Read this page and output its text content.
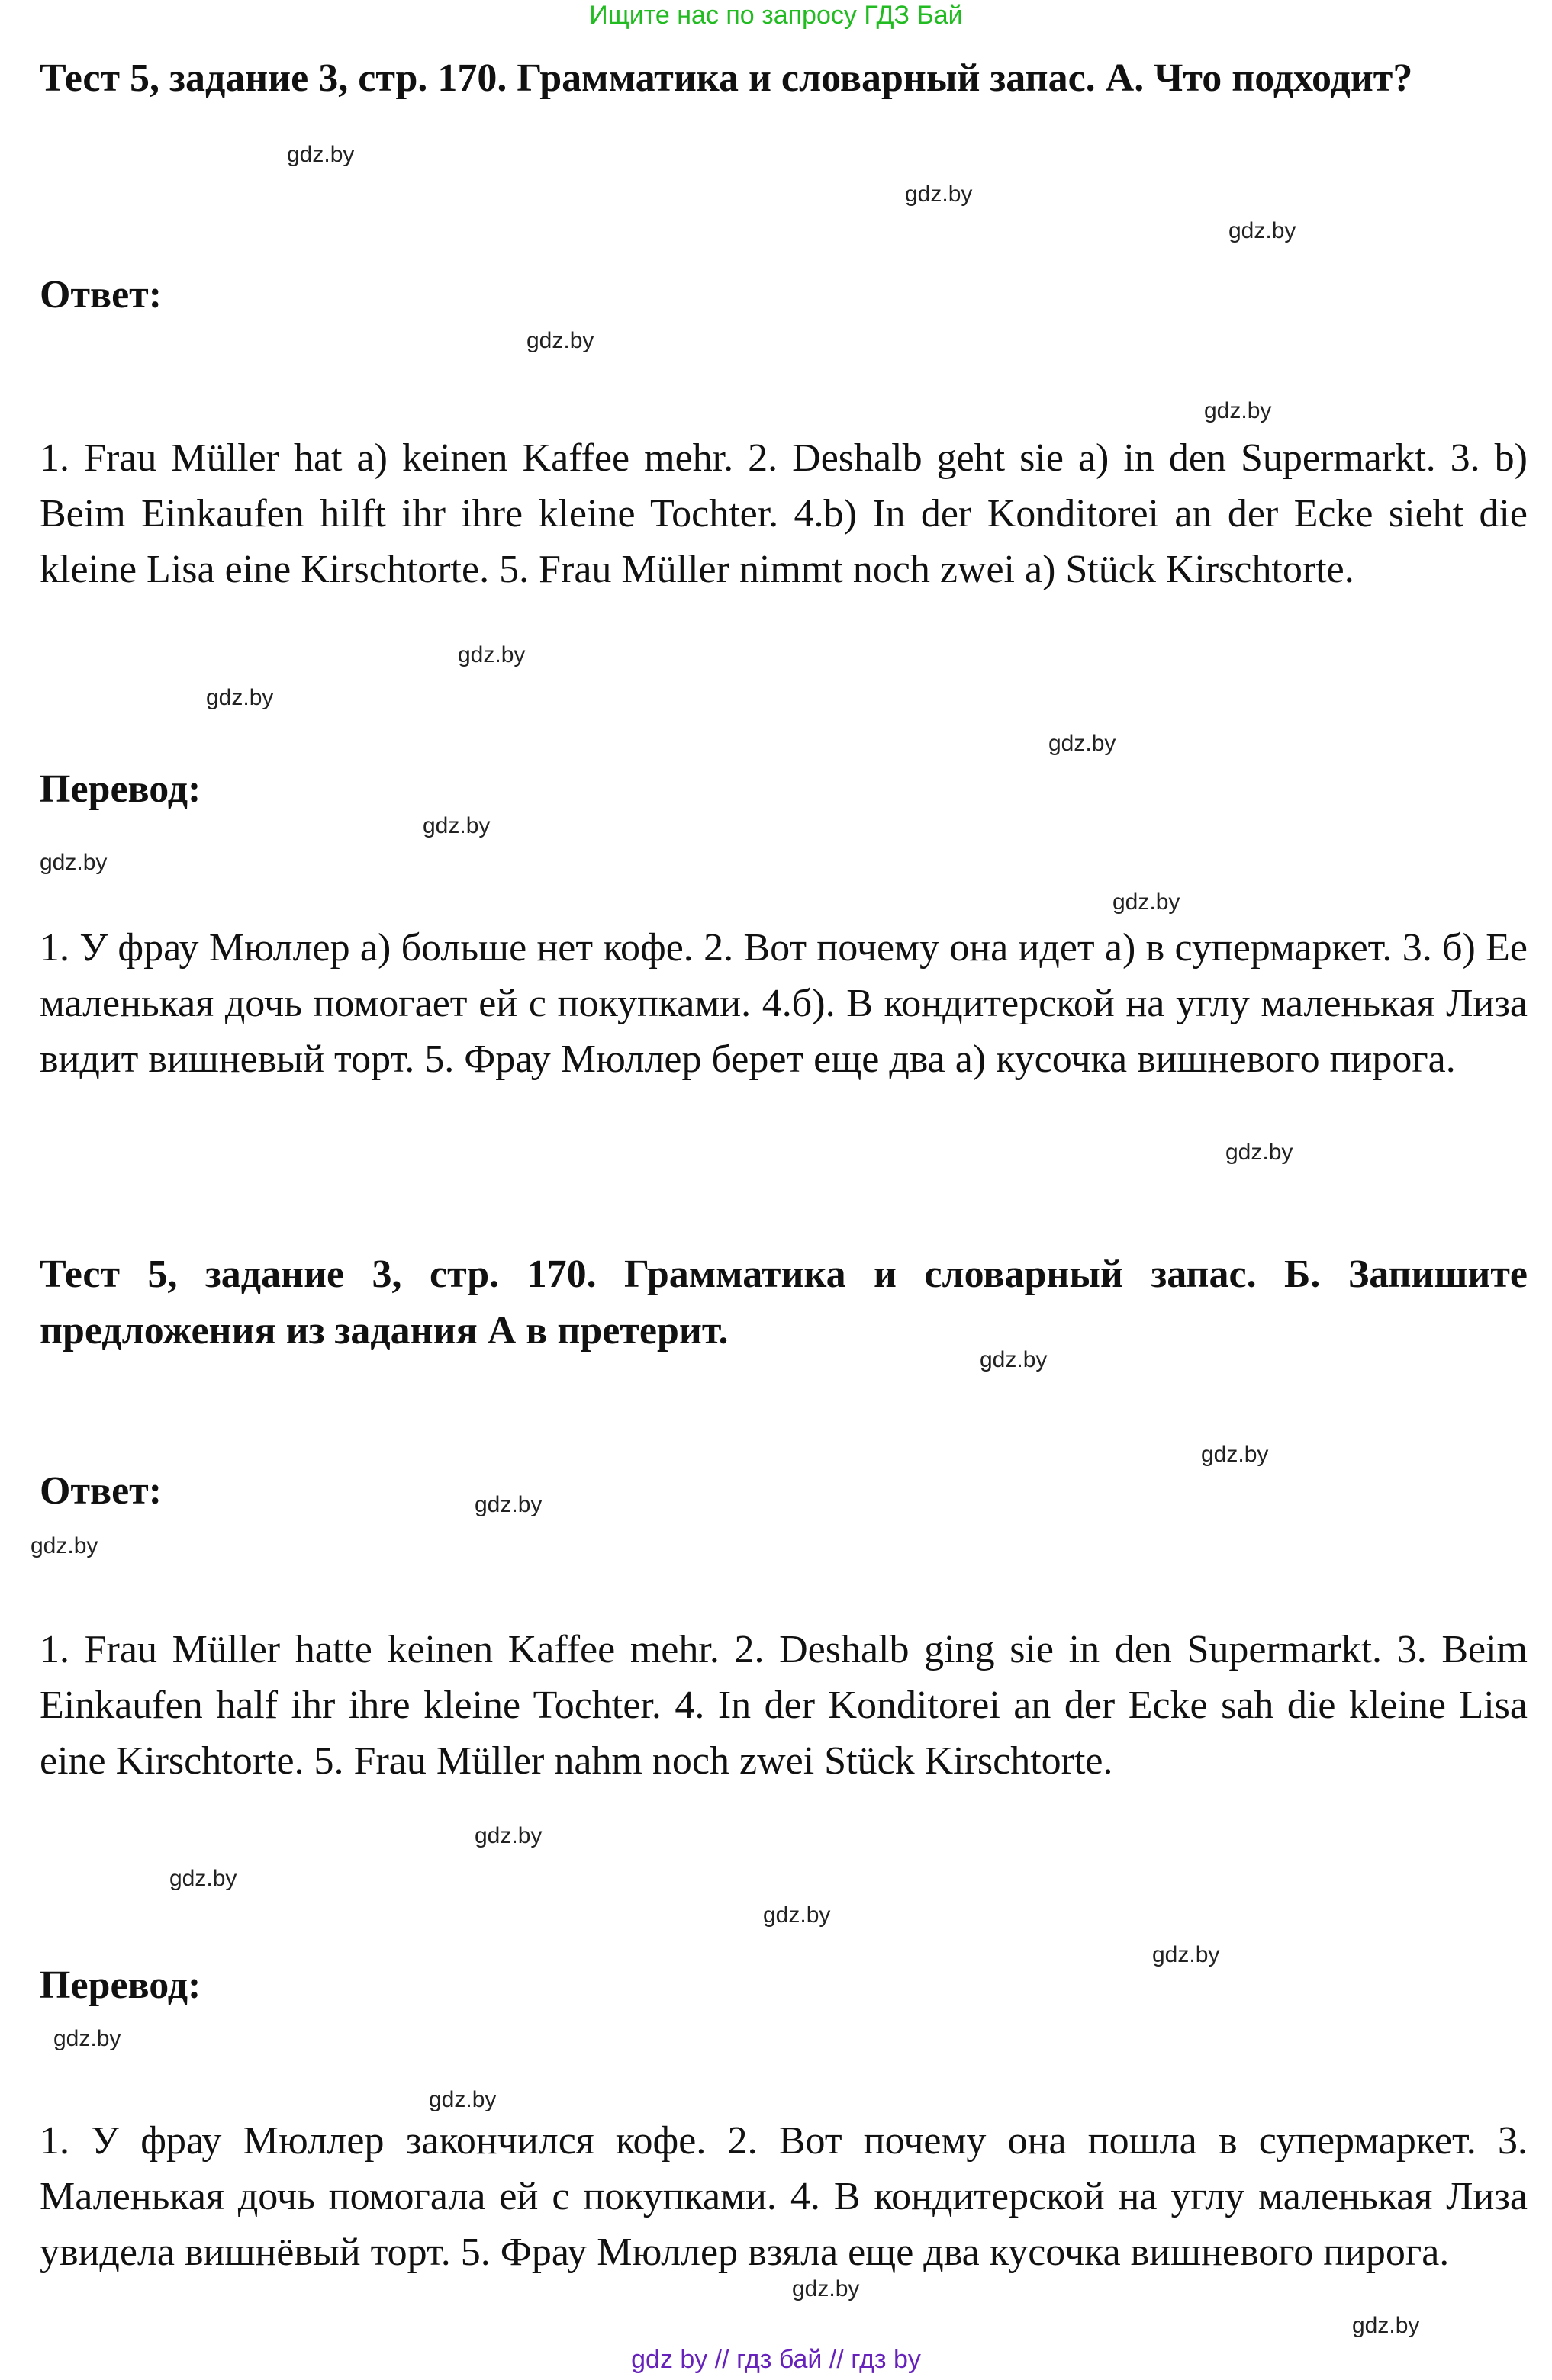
Ищите нас по запросу ГДЗ Бай
Тест 5, задание 3, стр. 170. Грамматика и словарный запас. А. Что подходит?
Ответ:

1. Frau Müller hat a) keinen Kaffee mehr. 2. Deshalb geht sie a) in den Supermarkt. 3. b) Beim Einkaufen hilft ihr ihre kleine Tochter. 4.b) In der Konditorei an der Ecke sieht die kleine Lisa eine Kirschtorte. 5. Frau Müller nimmt noch zwei a) Stück Kirschtorte.

Перевод:

1. У фрау Мюллер а) больше нет кофе. 2. Вот почему она идет а) в супермаркет. 3. б) Ее маленькая дочь помогает ей с покупками. 4.б). В кондитерской на углу маленькая Лиза видит вишневый торт. 5. Фрау Мюллер берет еще два а) кусочка вишневого пирога.

Тест 5, задание 3, стр. 170. Грамматика и словарный запас. Б. Запишите предложения из задания А в претерит.
Ответ:

1. Frau Müller hatte keinen Kaffee mehr. 2. Deshalb ging sie in den Supermarkt. 3. Beim Einkaufen half ihr ihre kleine Tochter. 4. In der Konditorei an der Ecke sah die kleine Lisa eine Kirschtorte. 5. Frau Müller nahm noch zwei Stück Kirschtorte.

Перевод:

1. У фрау Мюллер закончился кофе. 2. Вот почему она пошла в супермаркет. 3. Маленькая дочь помогала ей с покупками. 4. В кондитерской на углу маленькая Лиза увидела вишнёвый торт. 5. Фрау Мюллер взяла еще два кусочка вишневого пирога.

gdz.by
gdz.by
gdz.by
gdz.by
gdz.by
gdz.by
gdz.by
gdz.by
gdz.by
gdz.by
gdz.by
gdz.by
gdz.by
gdz.by
gdz.by
gdz.by
gdz.by
gdz.by
gdz.by
gdz.by
gdz.by
gdz.by
gdz.by
gdz.by
gdz by // гдз бай // гдз by
